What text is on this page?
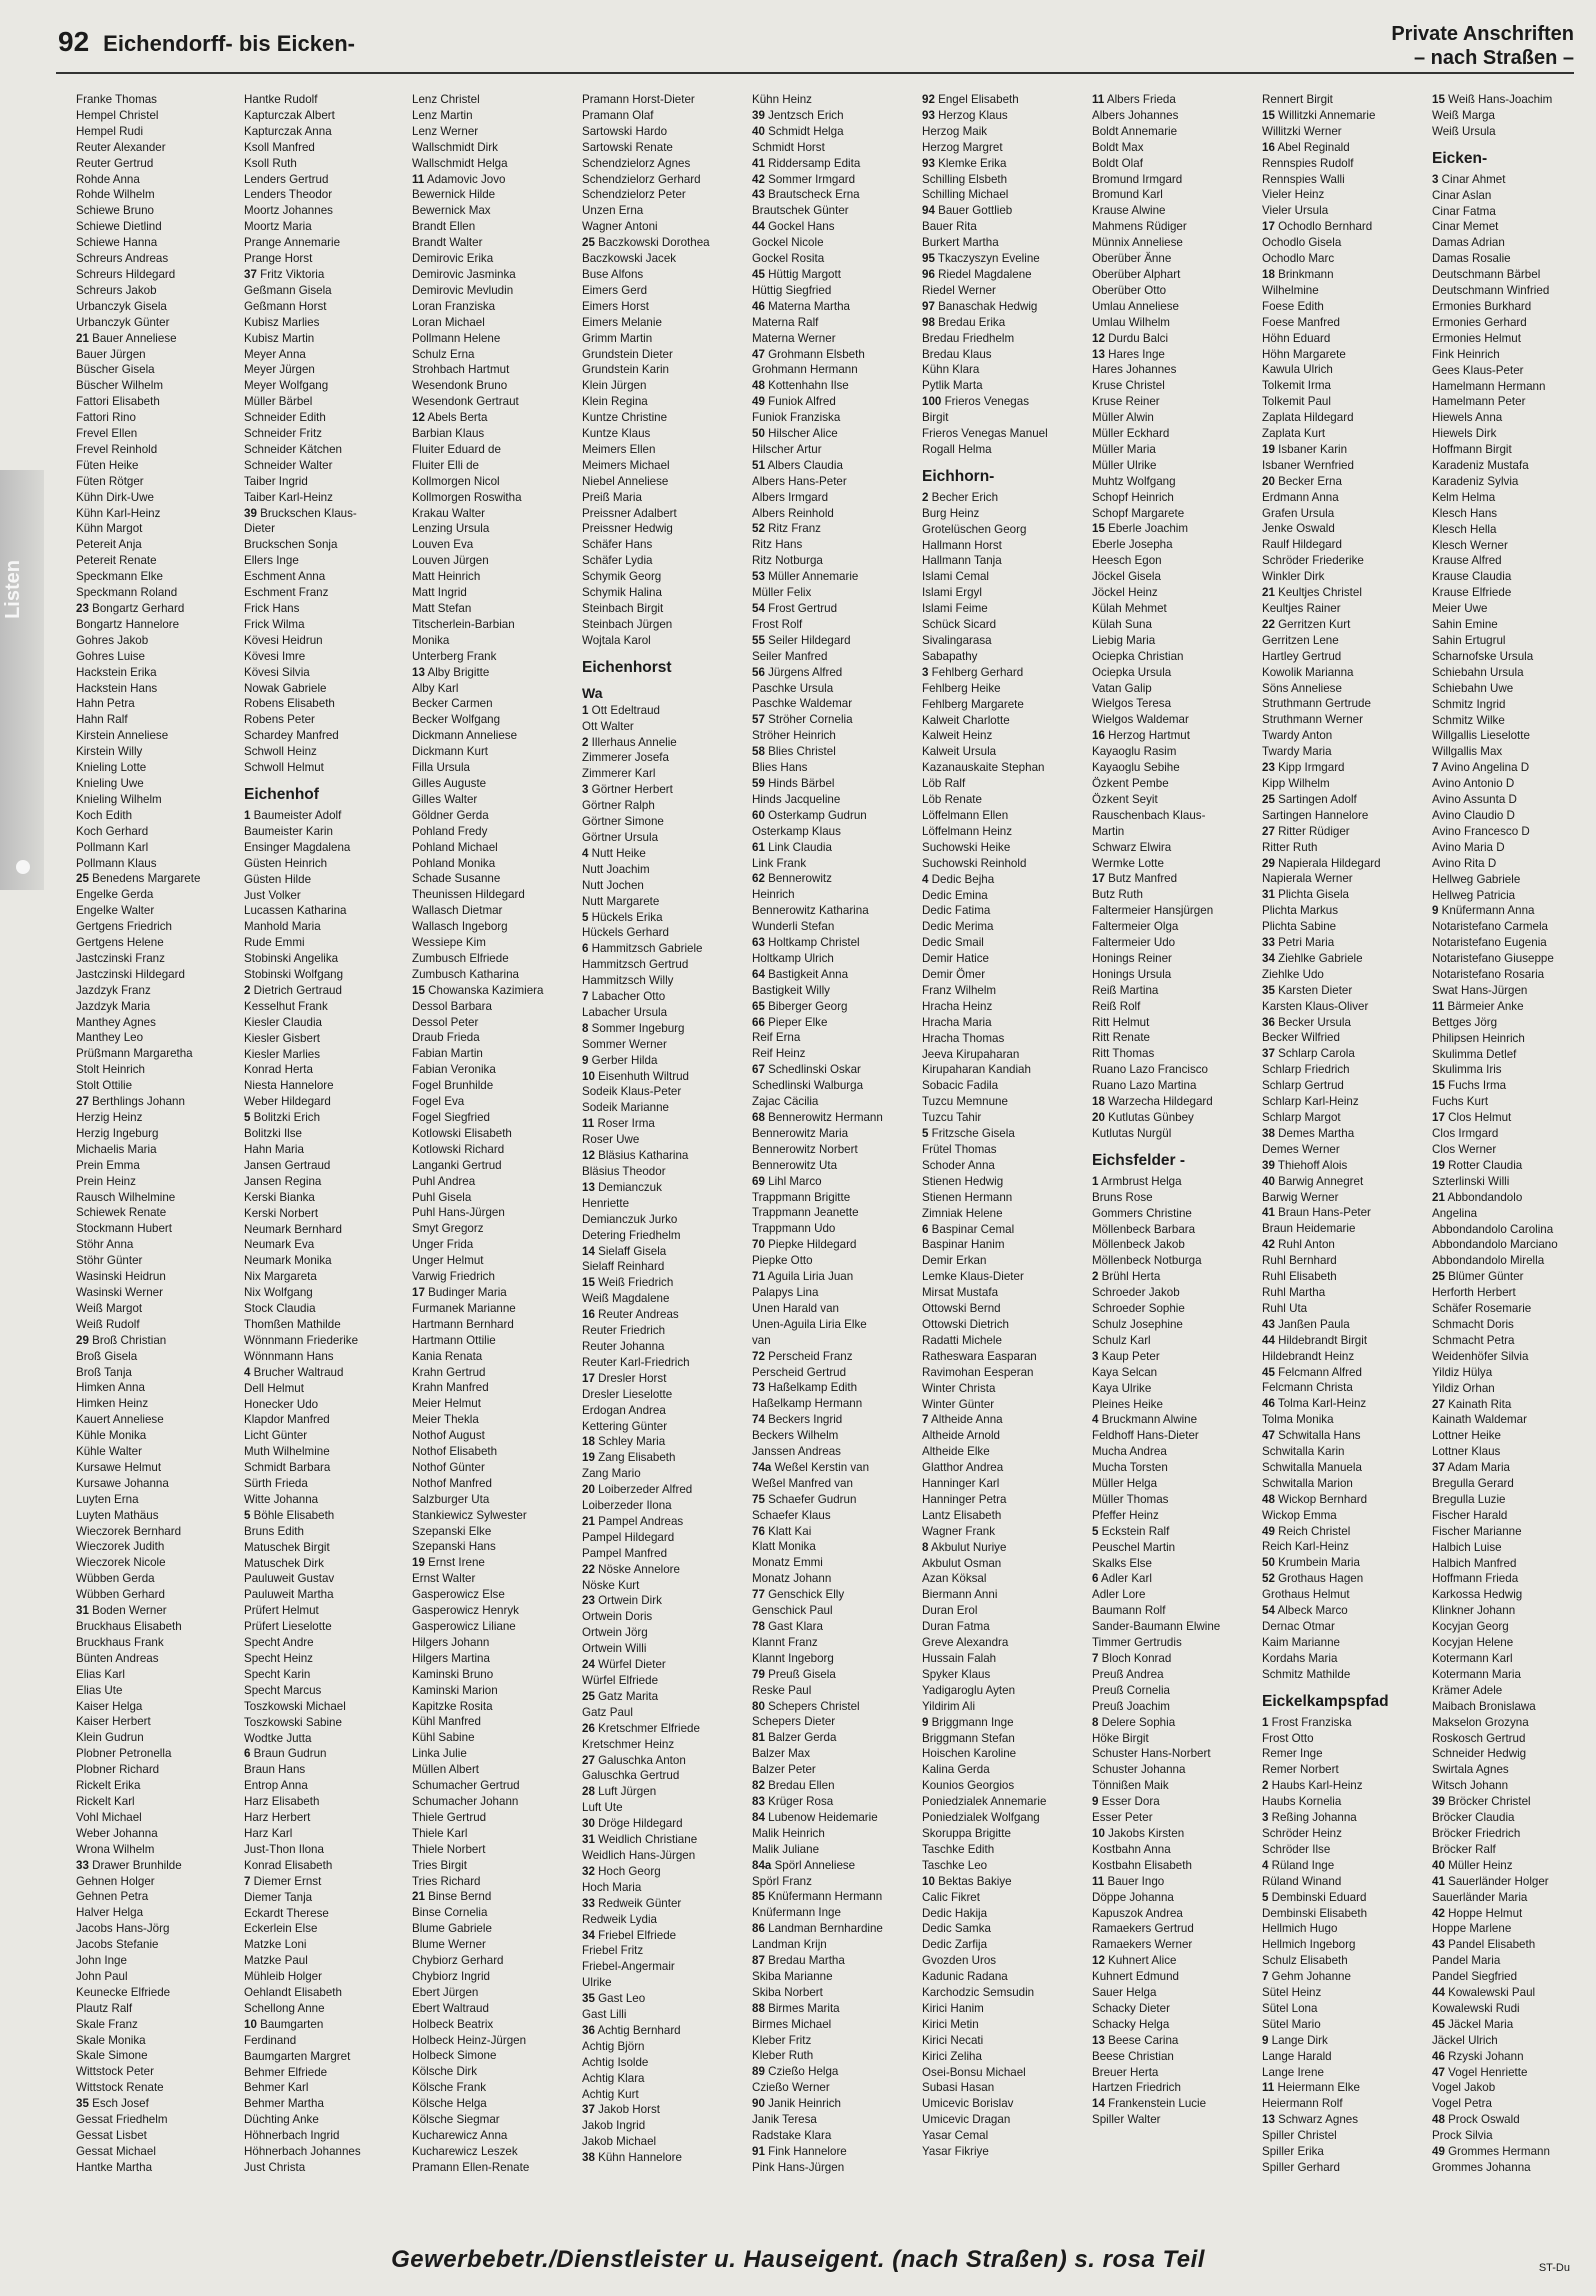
92 Eichendorff- bis Eicken-	Private Anschriften
– nach Straßen –
Listen
Franke Thomas
Hempel Christel
Hempel Rudi
Reuter Alexander
Reuter Gertrud
Rohde Anna
Rohde Wilhelm
Schiewe Bruno
Schiewe Dietlind
Schiewe Hanna
Schreurs Andreas
Schreurs Hildegard
Schreurs Jakob
Urbanczyk Gisela
Urbanczyk Günter
21 Bauer Anneliese
Bauer Jürgen
Büscher Gisela
Büscher Wilhelm
Fattori Elisabeth
Fattori Rino
Frevel Ellen
Frevel Reinhold
Füten Heike
Füten Rötger
Kühn Dirk-Uwe
Kühn Karl-Heinz
Kühn Margot
Petereit Anja
Petereit Renate
Speckmann Elke
Speckmann Roland
23 Bongartz Gerhard
Bongartz Hannelore
Gohres Jakob
Gohres Luise
Hackstein Erika
Hackstein Hans
Hahn Petra
Hahn Ralf
Kirstein Anneliese
Kirstein Willy
Knieling Lotte
Knieling Uwe
Knieling Wilhelm
Koch Edith
Koch Gerhard
Pollmann Karl
Pollmann Klaus
25 Benedens Margarete
Engelke Gerda
Engelke Walter
Gertgens Friedrich
Gertgens Helene
Jastczinski Franz
Jastczinski Hildegard
Jazdzyk Franz
Jazdzyk Maria
Manthey Agnes
Manthey Leo
Prüßmann Margaretha
Stolt Heinrich
Stolt Ottilie
27 Berthlings Johann
Herzig Heinz
Herzig Ingeburg
Michaelis Maria
Prein Emma
Prein Heinz
Rausch Wilhelmine
Schiewek Renate
Stockmann Hubert
Stöhr Anna
Stöhr Günter
Wasinski Heidrun
Wasinski Werner
Weiß Margot
Weiß Rudolf
29 Broß Christian
Broß Gisela
Broß Tanja
Himken Anna
Himken Heinz
Kauert Anneliese
Kühle Monika
Kühle Walter
Kursawe Helmut
Kursawe Johanna
Luyten Erna
Luyten Mathäus
Wieczorek Bernhard
Wieczorek Judith
Wieczorek Nicole
Wübben Gerda
Wübben Gerhard
31 Boden Werner
Bruckhaus Elisabeth
Bruckhaus Frank
Bünten Andreas
Elias Karl
Elias Ute
Kaiser Helga
Kaiser Herbert
Klein Gudrun
Plobner Petronella
Plobner Richard
Rickelt Erika
Rickelt Karl
Vohl Michael
Weber Johanna
Wrona Wilhelm
33 Drawer Brunhilde
Gehnen Holger
Gehnen Petra
Halver Helga
Jacobs Hans-Jörg
Jacobs Stefanie
John Inge
John Paul
Keunecke Elfriede
Plautz Ralf
Skale Franz
Skale Monika
Skale Simone
Wittstock Peter
Wittstock Renate
35 Esch Josef
Gessat Friedhelm
Gessat Lisbet
Gessat Michael
Hantke Martha
Hantke Rudolf
Kapturczak Albert
Kapturczak Anna
Ksoll Manfred
Ksoll Ruth
Lenders Gertrud
Lenders Theodor
Moortz Johannes
Moortz Maria
Prange Annemarie
Prange Horst
37 Fritz Viktoria
Geßmann Gisela
Geßmann Horst
Kubisz Marlies
Kubisz Martin
Meyer Anna
Meyer Jürgen
Meyer Wolfgang
Müller Bärbel
Schneider Edith
Schneider Fritz
Schneider Kätchen
Schneider Walter
Taiber Ingrid
Taiber Karl-Heinz
39 Bruckschen Klaus-
Dieter
Bruckschen Sonja
Ellers Inge
Eschment Anna
Eschment Franz
Frick Hans
Frick Wilma
Kövesi Heidrun
Kövesi Imre
Kövesi Silvia
Nowak Gabriele
Robens Elisabeth
Robens Peter
Schardey Manfred
Schwoll Heinz
Schwoll Helmut
Eichenhof
1 Baumeister Adolf
Baumeister Karin
Ensinger Magdalena
Güsten Heinrich
Güsten Hilde
Just Volker
Lucassen Katharina
Manhold Maria
Rude Emmi
Stobinski Angelika
Stobinski Wolfgang
2 Dietrich Gertraud
Kesselhut Frank
Kiesler Claudia
Kiesler Gisbert
Kiesler Marlies
Konrad Herta
Niesta Hannelore
Weber Hildegard
5 Bolitzki Erich
Bolitzki Ilse
Hahn Maria
Jansen Gertraud
Jansen Regina
Kerski Bianka
Kerski Norbert
Neumark Bernhard
Neumark Eva
Neumark Monika
Nix Margareta
Nix Wolfgang
Stock Claudia
Thomßen Mathilde
Wönnmann Friederike
Wönnmann Hans
4 Brucher Waltraud
Dell Helmut
Honecker Udo
Klapdor Manfred
Licht Günter
Muth Wilhelmine
Schmidt Barbara
Sürth Frieda
Witte Johanna
5 Böhle Elisabeth
Bruns Edith
Matuschek Birgit
Matuschek Dirk
Pauluweit Gustav
Pauluweit Martha
Prüfert Helmut
Prüfert Lieselotte
Specht Andre
Specht Heinz
Specht Karin
Specht Marcus
Toszkowski Michael
Toszkowski Sabine
Wodtke Jutta
6 Braun Gudrun
Braun Hans
Entrop Anna
Harz Elisabeth
Harz Herbert
Harz Karl
Just-Thon Ilona
Konrad Elisabeth
7 Diemer Ernst
Diemer Tanja
Eckardt Therese
Eckerlein Else
Matzke Loni
Matzke Paul
Mühleib Holger
Oehlandt Elisabeth
Schellong Anne
10 Baumgarten
Ferdinand
Baumgarten Margret
Behmer Elfriede
Behmer Karl
Behmer Martha
Düchting Anke
Höhnerbach Ingrid
Höhnerbach Johannes
Just Christa
Lenz Christel
Lenz Martin
Lenz Werner
Wallschmidt Dirk
Wallschmidt Helga
11 Adamovic Jovo
Bewernick Hilde
Bewernick Max
Brandt Ellen
Brandt Walter
Demirovic Erika
Demirovic Jasminka
Demirovic Mevludin
Loran Franziska
Loran Michael
Pollmann Helene
Schulz Erna
Strohbach Hartmut
Wesendonk Bruno
Wesendonk Gertraut
12 Abels Berta
Barbian Klaus
Fluiter Eduard de
Fluiter Elli de
Kollmorgen Nicol
Kollmorgen Roswitha
Krakau Walter
Lenzing Ursula
Louven Eva
Louven Jürgen
Matt Heinrich
Matt Ingrid
Matt Stefan
Titscherlein-Barbian
Monika
Unterberg Frank
13 Alby Brigitte
Alby Karl
Becker Carmen
Becker Wolfgang
Dickmann Anneliese
Dickmann Kurt
Filla Ursula
Gilles Auguste
Gilles Walter
Göldner Gerda
Pohland Fredy
Pohland Michael
Pohland Monika
Schade Susanne
Theunissen Hildegard
Wallasch Dietmar
Wallasch Ingeborg
Wessiepe Kim
Zumbusch Elfriede
Zumbusch Katharina
15 Chowanska Kazimiera
Dessol Barbara
Dessol Peter
Draub Frieda
Fabian Martin
Fabian Veronika
Fogel Brunhilde
Fogel Eva
Fogel Siegfried
Kotlowski Elisabeth
Kotlowski Richard
Langanki Gertrud
Puhl Andrea
Puhl Gisela
Puhl Hans-Jürgen
Smyt Gregorz
Unger Frida
Unger Helmut
Varwig Friedrich
17 Budinger Maria
Furmanek Marianne
Hartmann Bernhard
Hartmann Ottilie
Kania Renata
Krahn Gertrud
Krahn Manfred
Meier Helmut
Meier Thekla
Nothof August
Nothof Elisabeth
Nothof Günter
Nothof Manfred
Salzburger Uta
Stankiewicz Sylwester
Szepanski Elke
Szepanski Hans
19 Ernst Irene
Ernst Walter
Gasperowicz Else
Gasperowicz Henryk
Gasperowicz Liliane
Hilgers Johann
Hilgers Martina
Kaminski Bruno
Kaminski Marion
Kapitzke Rosita
Kühl Manfred
Kühl Sabine
Linka Julie
Müllen Albert
Schumacher Gertrud
Schumacher Johann
Thiele Gertrud
Thiele Karl
Thiele Norbert
Tries Birgit
Tries Richard
21 Binse Bernd
Binse Cornelia
Blume Gabriele
Blume Werner
Chybiorz Gerhard
Chybiorz Ingrid
Ebert Jürgen
Ebert Waltraud
Holbeck Beatrix
Holbeck Heinz-Jürgen
Holbeck Simone
Kölsche Dirk
Kölsche Frank
Kölsche Helga
Kölsche Siegmar
Kucharewicz Anna
Kucharewicz Leszek
Pramann Ellen-Renate
Pramann Horst-Dieter
Pramann Olaf
Sartowski Hardo
Sartowski Renate
Schendzielorz Agnes
Schendzielorz Gerhard
Schendzielorz Peter
Unzen Erna
Wagner Antoni
25 Baczkowski Dorothea
Baczkowski Jacek
Buse Alfons
Eimers Gerd
Eimers Horst
Eimers Melanie
Grimm Martin
Grundstein Dieter
Grundstein Karin
Klein Jürgen
Klein Regina
Kuntze Christine
Kuntze Klaus
Meimers Ellen
Meimers Michael
Niebel Anneliese
Preiß Maria
Preissner Adalbert
Preissner Hedwig
Schäfer Hans
Schäfer Lydia
Schymik Georg
Schymik Halina
Steinbach Birgit
Steinbach Jürgen
Wojtala Karol
Eichenhorst
Wa
1 Ott Edeltraud
Ott Walter
2 Illerhaus Annelie
Zimmerer Josefa
Zimmerer Karl
3 Görtner Herbert
Görtner Ralph
Görtner Simone
Görtner Ursula
4 Nutt Heike
Nutt Joachim
Nutt Jochen
Nutt Margarete
5 Hückels Erika
Hückels Gerhard
6 Hammitzsch Gabriele
Hammitzsch Gertrud
Hammitzsch Willy
7 Labacher Otto
Labacher Ursula
8 Sommer Ingeburg
Sommer Werner
9 Gerber Hilda
10 Eisenhuth Wiltrud
Sodeik Klaus-Peter
Sodeik Marianne
11 Roser Irma
Roser Uwe
12 Bläsius Katharina
Bläsius Theodor
13 Demianczuk
Henriette
Demianczuk Jurko
Detering Friedhelm
14 Sielaff Gisela
Sielaff Reinhard
15 Weiß Friedrich
Weiß Magdalene
16 Reuter Andreas
Reuter Friedrich
Reuter Johanna
Reuter Karl-Friedrich
17 Dresler Horst
Dresler Lieselotte
Erdogan Andrea
Kettering Günter
18 Schley Maria
19 Zang Elisabeth
Zang Mario
20 Loiberzeder Alfred
Loiberzeder Ilona
21 Pampel Andreas
Pampel Hildegard
Pampel Manfred
22 Nöske Annelore
Nöske Kurt
23 Ortwein Dirk
Ortwein Doris
Ortwein Jörg
Ortwein Willi
24 Würfel Dieter
Würfel Elfriede
25 Gatz Marita
Gatz Paul
26 Kretschmer Elfriede
Kretschmer Heinz
27 Galuschka Anton
Galuschka Gertrud
28 Luft Jürgen
Luft Ute
30 Dröge Hildegard
31 Weidlich Christiane
Weidlich Hans-Jürgen
32 Hoch Georg
Hoch Maria
33 Redweik Günter
Redweik Lydia
34 Friebel Elfriede
Friebel Fritz
Friebel-Angermair
Ulrike
35 Gast Leo
Gast Lilli
36 Achtig Bernhard
Achtig Björn
Achtig Isolde
Achtig Klara
Achtig Kurt
37 Jakob Horst
Jakob Ingrid
Jakob Michael
38 Kühn Hannelore
Kühn Heinz
39 Jentzsch Erich
40 Schmidt Helga
Schmidt Horst
41 Riddersamp Edita
42 Sommer Irmgard
43 Brautscheck Erna
Brautschek Günter
44 Gockel Hans
Gockel Nicole
Gockel Rosita
45 Hüttig Margott
Hüttig Siegfried
46 Materna Martha
Materna Ralf
Materna Werner
47 Grohmann Elsbeth
Grohmann Hermann
48 Kottenhahn Ilse
49 Funiok Alfred
Funiok Franziska
50 Hilscher Alice
Hilscher Artur
51 Albers Claudia
Albers Hans-Peter
Albers Irmgard
Albers Reinhold
52 Ritz Franz
Ritz Hans
Ritz Notburga
53 Müller Annemarie
Müller Felix
54 Frost Gertrud
Frost Rolf
55 Seiler Hildegard
Seiler Manfred
56 Jürgens Alfred
Paschke Ursula
Paschke Waldemar
57 Ströher Cornelia
Ströher Heinrich
58 Blies Christel
Blies Hans
59 Hinds Bärbel
Hinds Jacqueline
60 Osterkamp Gudrun
Osterkamp Klaus
61 Link Claudia
Link Frank
62 Bennerowitz
Heinrich
Bennerowitz Katharina
Wunderli Stefan
63 Holtkamp Christel
Holtkamp Ulrich
64 Bastigkeit Anna
Bastigkeit Willy
65 Biberger Georg
66 Pieper Elke
Reif Erna
Reif Heinz
67 Schedlinski Oskar
Schedlinski Walburga
Zajac Cäcilia
68 Bennerowitz Hermann
Bennerowitz Maria
Bennerowitz Norbert
Bennerowitz Uta
69 Lihl Marco
Trappmann Brigitte
Trappmann Jeanette
Trappmann Udo
70 Piepke Hildegard
Piepke Otto
71 Aguila Liria Juan
Palapys Lina
Unen Harald van
Unen-Aguila Liria Elke
van
72 Perscheid Franz
Perscheid Gertrud
73 Haßelkamp Edith
Haßelkamp Hermann
74 Beckers Ingrid
Beckers Wilhelm
Janssen Andreas
74a Weßel Kerstin van
Weßel Manfred van
75 Schaefer Gudrun
Schaefer Klaus
76 Klatt Kai
Klatt Monika
Monatz Emmi
Monatz Johann
77 Genschick Elly
Genschick Paul
78 Gast Klara
Klannt Franz
Klannt Ingeborg
79 Preuß Gisela
Reske Paul
80 Schepers Christel
Schepers Dieter
81 Balzer Gerda
Balzer Max
Balzer Peter
82 Bredau Ellen
83 Krüger Rosa
84 Lubenow Heidemarie
Malik Heinrich
Malik Juliane
84a Spörl Anneliese
Spörl Franz
85 Knüfermann Hermann
Knüfermann Inge
86 Landman Bernhardine
Landman Krijn
87 Bredau Martha
Skiba Marianne
Skiba Norbert
88 Birmes Marita
Birmes Michael
Kleber Fritz
Kleber Ruth
89 Czießo Helga
Czießo Werner
90 Janik Heinrich
Janik Teresa
Radstake Klara
91 Fink Hannelore
Pink Hans-Jürgen
92 Engel Elisabeth
93 Herzog Klaus
Herzog Maik
Herzog Margret
93 Klemke Erika
Schilling Elsbeth
Schilling Michael
94 Bauer Gottlieb
Bauer Rita
Burkert Martha
95 Tkaczyszyn Eveline
96 Riedel Magdalene
Riedel Werner
97 Banaschak Hedwig
98 Bredau Erika
Bredau Friedhelm
Bredau Klaus
Kühn Klara
Pytlik Marta
100 Frieros Venegas
Birgit
Frieros Venegas Manuel
Rogall Helma
Eichhorn-
2 Becher Erich
Burg Heinz
Grotelüschen Georg
Hallmann Horst
Hallmann Tanja
Islami Cemal
Islami Ergyl
Islami Feime
Schück Sicard
Sivalingarasa
Sabapathy
3 Fehlberg Gerhard
Fehlberg Heike
Fehlberg Margarete
Kalweit Charlotte
Kalweit Heinz
Kalweit Ursula
Kazanauskaite Stephan
Löb Ralf
Löb Renate
Löffelmann Ellen
Löffelmann Heinz
Suchowski Heike
Suchowski Reinhold
4 Dedic Bejha
Dedic Emina
Dedic Fatima
Dedic Merima
Dedic Smail
Demir Hatice
Demir Ömer
Franz Wilhelm
Hracha Heinz
Hracha Maria
Hracha Thomas
Jeeva Kirupaharan
Kirupaharan Kandiah
Sobacic Fadila
Tuzcu Memnune
Tuzcu Tahir
5 Fritzsche Gisela
Frütel Thomas
Schoder Anna
Stienen Hedwig
Stienen Hermann
Zimniak Helene
6 Baspinar Cemal
Baspinar Hanim
Demir Erkan
Lemke Klaus-Dieter
Mirsat Mustafa
Ottowski Bernd
Ottowski Dietrich
Radatti Michele
Ratheswara Easparan
Ravimohan Eesperan
Winter Christa
Winter Günter
7 Altheide Anna
Altheide Arnold
Altheide Elke
Glatthor Andrea
Hanninger Karl
Hanninger Petra
Lantz Elisabeth
Wagner Frank
8 Akbulut Nuriye
Akbulut Osman
Azan Köksal
Biermann Anni
Duran Erol
Duran Fatma
Greve Alexandra
Hussain Falah
Spyker Klaus
Yadigaroglu Ayten
Yildirim Ali
9 Briggmann Inge
Briggmann Stefan
Hoischen Karoline
Kalina Gerda
Kounios Georgios
Poniedzialek Annemarie
Poniedzialek Wolfgang
Skoruppa Brigitte
Taschke Edith
Taschke Leo
10 Bektas Bakiye
Calic Fikret
Dedic Hakija
Dedic Samka
Dedic Zarfija
Gvozden Uros
Kadunic Radana
Karchodzic Semsudin
Kirici Hanim
Kirici Metin
Kirici Necati
Kirici Zeliha
Osei-Bonsu Michael
Subasi Hasan
Umicevic Borislav
Umicevic Dragan
Yasar Cemal
Yasar Fikriye
11 Albers Frieda
Albers Johannes
Boldt Annemarie
Boldt Max
Boldt Olaf
Bromund Irmgard
Bromund Karl
Krause Alwine
Mahmens Rüdiger
Münnix Anneliese
Oberüber Änne
Oberüber Alphart
Oberüber Otto
Umlau Anneliese
Umlau Wilhelm
12 Durdu Balci
13 Hares Inge
Hares Johannes
Kruse Christel
Kruse Reiner
Müller Alwin
Müller Eckhard
Müller Maria
Müller Ulrike
Muhtz Wolfgang
Schopf Heinrich
Schopf Margarete
15 Eberle Joachim
Eberle Josepha
Heesch Egon
Jöckel Gisela
Jöckel Heinz
Külah Mehmet
Külah Suna
Liebig Maria
Ociepka Christian
Ociepka Ursula
Vatan Galip
Wielgos Teresa
Wielgos Waldemar
16 Herzog Hartmut
Kayaoglu Rasim
Kayaoglu Sebihe
Özkent Pembe
Özkent Seyit
Rauschenbach Klaus-
Martin
Schwarz Elwira
Wermke Lotte
17 Butz Manfred
Butz Ruth
Faltermeier Hansjürgen
Faltermeier Olga
Faltermeier Udo
Honings Reiner
Honings Ursula
Reiß Martina
Reiß Rolf
Ritt Helmut
Ritt Renate
Ritt Thomas
Ruano Lazo Francisco
Ruano Lazo Martina
18 Warzecha Hildegard
20 Kutlutas Günbey
Kutlutas Nurgül
Eichsfelder -
1 Armbrust Helga
Bruns Rose
Gommers Christine
Möllenbeck Barbara
Möllenbeck Jakob
Möllenbeck Notburga
2 Brühl Herta
Schroeder Jakob
Schroeder Sophie
Schulz Josephine
Schulz Karl
3 Kaup Peter
Kaya Selcan
Kaya Ulrike
Pleines Heike
4 Bruckmann Alwine
Feldhoff Hans-Dieter
Mucha Andrea
Mucha Torsten
Müller Helga
Müller Thomas
Pfeffer Heinz
5 Eckstein Ralf
Peuschel Martin
Skalks Else
6 Adler Karl
Adler Lore
Baumann Rolf
Sander-Baumann Elwine
Timmer Gertrudis
7 Bloch Konrad
Preuß Andrea
Preuß Cornelia
Preuß Joachim
8 Delere Sophia
Höke Birgit
Schuster Hans-Norbert
Schuster Johanna
Tönnißen Maik
9 Esser Dora
Esser Peter
10 Jakobs Kirsten
Kostbahn Anna
Kostbahn Elisabeth
11 Bauer Ingo
Döppe Johanna
Kapuszok Andrea
Ramaekers Gertrud
Ramaekers Werner
12 Kuhnert Alice
Kuhnert Edmund
Sauer Helga
Schacky Dieter
Schacky Helga
13 Beese Carina
Beese Christian
Breuer Herta
Hartzen Friedrich
14 Frankenstein Lucie
Spiller Walter
Rennert Birgit
15 Willitzki Annemarie
Willitzki Werner
16 Abel Reginald
Rennspies Rudolf
Rennspies Walli
Vieler Heinz
Vieler Ursula
17 Ochodlo Bernhard
Ochodlo Gisela
Ochodlo Marc
18 Brinkmann
Wilhelmine
Foese Edith
Foese Manfred
Höhn Eduard
Höhn Margarete
Kawula Ulrich
Tolkemit Irma
Tolkemit Paul
Zaplata Hildegard
Zaplata Kurt
19 Isbaner Karin
Isbaner Wernfried
20 Becker Erna
Erdmann Anna
Grafen Ursula
Jenke Oswald
Raulf Hildegard
Schröder Friederike
Winkler Dirk
21 Keultjes Christel
Keultjes Rainer
22 Gerritzen Kurt
Gerritzen Lene
Hartley Gertrud
Kowolik Marianna
Söns Anneliese
Struthmann Gertrude
Struthmann Werner
Twardy Anton
Twardy Maria
23 Kipp Irmgard
Kipp Wilhelm
25 Sartingen Adolf
Sartingen Hannelore
27 Ritter Rüdiger
Ritter Ruth
29 Napierala Hildegard
Napierala Werner
31 Plichta Gisela
Plichta Markus
Plichta Sabine
33 Petri Maria
34 Ziehlke Gabriele
Ziehlke Udo
35 Karsten Dieter
Karsten Klaus-Oliver
36 Becker Ursula
Becker Wilfried
37 Schlarp Carola
Schlarp Friedrich
Schlarp Gertrud
Schlarp Karl-Heinz
Schlarp Margot
38 Demes Martha
Demes Werner
39 Thiehoff Alois
40 Barwig Annegret
Barwig Werner
41 Braun Hans-Peter
Braun Heidemarie
42 Ruhl Anton
Ruhl Bernhard
Ruhl Elisabeth
Ruhl Martha
Ruhl Uta
43 Janßen Paula
44 Hildebrandt Birgit
Hildebrandt Heinz
45 Felcmann Alfred
Felcmann Christa
46 Tolma Karl-Heinz
Tolma Monika
47 Schwitalla Hans
Schwitalla Karin
Schwitalla Manuela
Schwitalla Marion
48 Wickop Bernhard
Wickop Emma
49 Reich Christel
Reich Karl-Heinz
50 Krumbein Maria
52 Grothaus Hagen
Grothaus Helmut
54 Albeck Marco
Dernac Otmar
Kaim Marianne
Kordahs Maria
Schmitz Mathilde
Eickelkampspfad
1 Frost Franziska
Frost Otto
Remer Inge
Remer Norbert
2 Haubs Karl-Heinz
Haubs Kornelia
3 Reßing Johanna
Schröder Heinz
Schröder Ilse
4 Rüland Inge
Rüland Winand
5 Dembinski Eduard
Dembinski Elisabeth
Hellmich Hugo
Hellmich Ingeborg
Schulz Elisabeth
7 Gehm Johanne
Sütel Heinz
Sütel Lona
Sütel Mario
9 Lange Dirk
Lange Harald
Lange Irene
11 Heiermann Elke
Heiermann Rolf
13 Schwarz Agnes
Spiller Christel
Spiller Erika
Spiller Gerhard
15 Weiß Hans-Joachim
Weiß Marga
Weiß Ursula
Eicken-
3 Cinar Ahmet
Cinar Aslan
Cinar Fatma
Cinar Memet
Damas Adrian
Damas Rosalie
Deutschmann Bärbel
Deutschmann Winfried
Ermonies Burkhard
Ermonies Gerhard
Ermonies Helmut
Fink Heinrich
Gees Klaus-Peter
Hamelmann Hermann
Hamelmann Peter
Hiewels Anna
Hiewels Dirk
Hoffmann Birgit
Karadeniz Mustafa
Karadeniz Sylvia
Kelm Helma
Klesch Hans
Klesch Hella
Klesch Werner
Krause Alfred
Krause Claudia
Krause Elfriede
Meier Uwe
Sahin Emine
Sahin Ertugrul
Scharnofske Ursula
Schiebahn Ursula
Schiebahn Uwe
Schmitz Ingrid
Schmitz Wilke
Willgallis Lieselotte
Willgallis Max
7 Avino Angelina D
Avino Antonio D
Avino Assunta D
Avino Claudio D
Avino Francesco D
Avino Maria D
Avino Rita D
Hellweg Gabriele
Hellweg Patricia
9 Knüfermann Anna
Notaristefano Carmela
Notaristefano Eugenia
Notaristefano Giuseppe
Notaristefano Rosaria
Swat Hans-Jürgen
11 Bärmeier Anke
Bettges Jörg
Philipsen Heinrich
Skulimma Detlef
Skulimma Iris
15 Fuchs Irma
Fuchs Kurt
17 Clos Helmut
Clos Irmgard
Clos Werner
19 Rotter Claudia
Szterlinski Willi
21 Abbondandolo
Angelina
Abbondandolo Carolina
Abbondandolo Marciano
Abbondandolo Mirella
25 Blümer Günter
Herforth Herbert
Schäfer Rosemarie
Schmacht Doris
Schmacht Petra
Weidenhöfer Silvia
Yildiz Hülya
Yildiz Orhan
27 Kainath Rita
Kainath Waldemar
Lottner Heike
Lottner Klaus
37 Adam Maria
Bregulla Gerard
Bregulla Luzie
Fischer Harald
Fischer Marianne
Halbich Luise
Halbich Manfred
Hoffmann Frieda
Karkossa Hedwig
Klinkner Johann
Kocyjan Georg
Kocyjan Helene
Kotermann Karl
Kotermann Maria
Krämer Adele
Maibach Bronislawa
Makselon Grozyna
Roskosch Gertrud
Schneider Hedwig
Swirtala Agnes
Witsch Johann
39 Bröcker Christel
Bröcker Claudia
Bröcker Friedrich
Bröcker Ralf
40 Müller Heinz
41 Sauerländer Holger
Sauerländer Maria
42 Hoppe Helmut
Hoppe Marlene
43 Pandel Elisabeth
Pandel Maria
Pandel Siegfried
44 Kowalewski Paul
Kowalewski Rudi
45 Jäckel Maria
Jäckel Ulrich
46 Rzyski Johann
47 Vogel Henriette
Vogel Jakob
Vogel Petra
48 Prock Oswald
Prock Silvia
49 Grommes Hermann
Grommes Johanna
Gewerbebetr./Dienstleister u. Hauseigent. (nach Straßen) s. rosa Teil	ST-Du
